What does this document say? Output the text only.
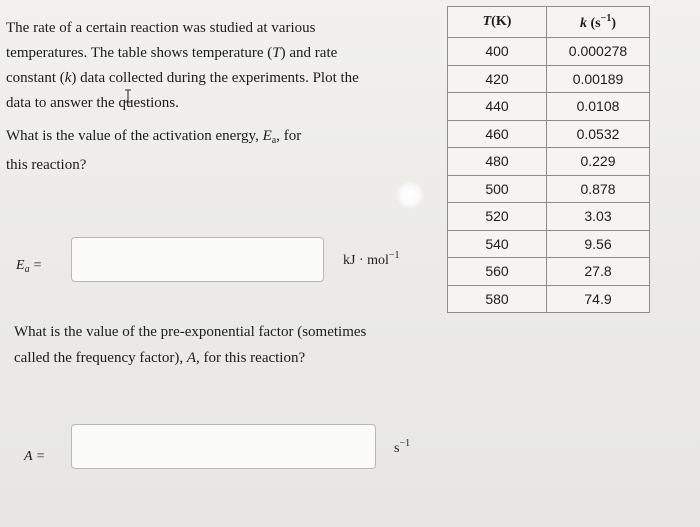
The rate of a certain reaction was studied at various
temperatures. The table shows temperature (T) and rate
constant (k) data collected during the experiments. Plot the
data to answer the questions.
What is the value of the activation energy, $E_a$, for
this reaction?
$E_a$ =	kJ · mol$^{-1}$
What is the value of the pre-exponential factor (sometimes
called the frequency factor), A, for this reaction?
A =
$s^{-1}$
T(K)	k $(s^{-1})$
400	0.000278
420	0.00189
440	0.0108
460	0.0532
480	0.229
500	0.878
520	3.03
540	9.56
560	27.8
580	74.9
